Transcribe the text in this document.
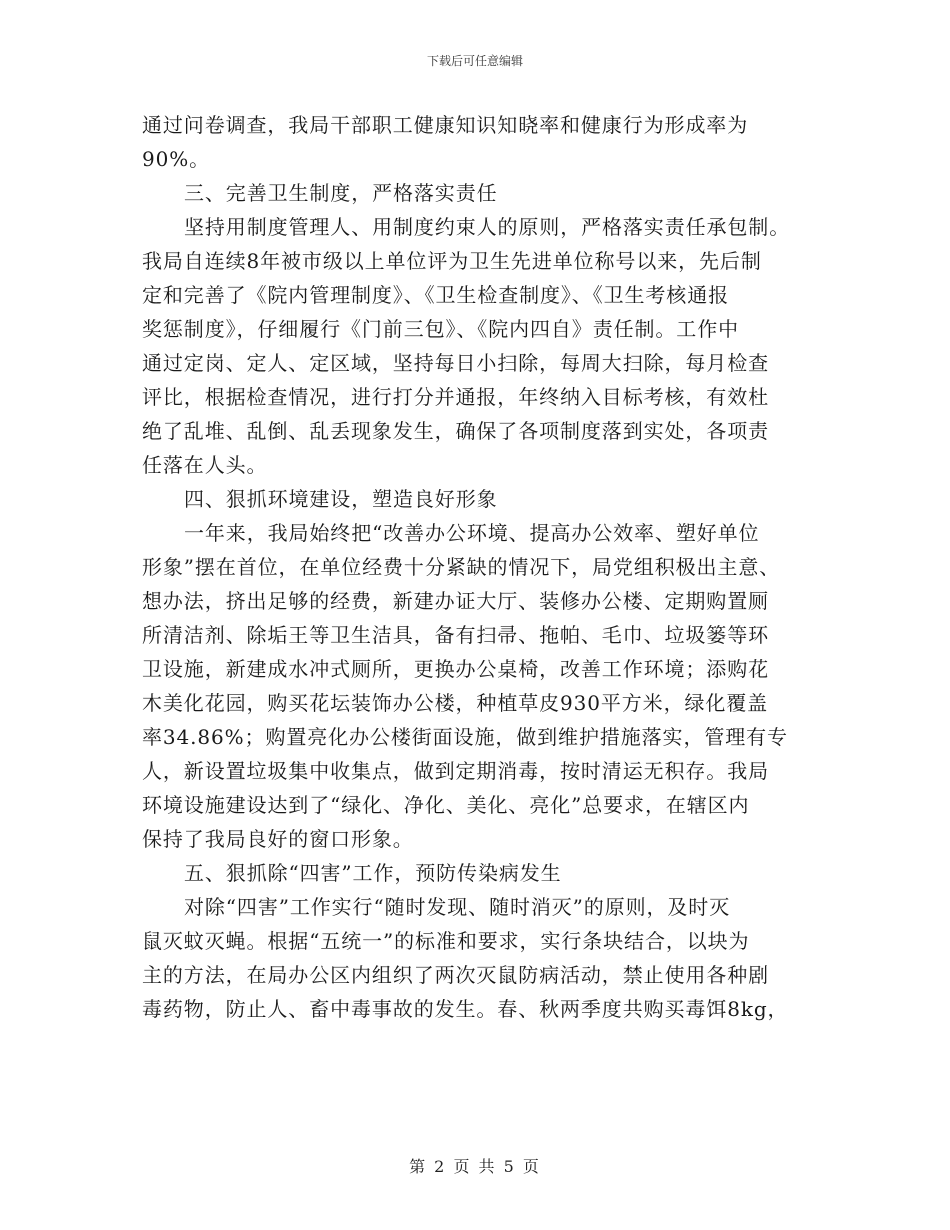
下载后可任意编辑
通过问卷调查，我局干部职工健康知识知晓率和健康行为形成率为
90%。
三、完善卫生制度，严格落实责任
坚持用制度管理人、用制度约束人的原则，严格落实责任承包制。
我局自连续8年被市级以上单位评为卫生先进单位称号以来，先后制
定和完善了《院内管理制度》、《卫生检查制度》、《卫生考核通报
奖惩制度》，仔细履行《门前三包》、《院内四自》责任制。工作中
通过定岗、定人、定区域，坚持每日小扫除，每周大扫除，每月检查
评比，根据检查情况，进行打分并通报，年终纳入目标考核，有效杜
绝了乱堆、乱倒、乱丢现象发生，确保了各项制度落到实处，各项责
任落在人头。
四、狠抓环境建设，塑造良好形象
一年来，我局始终把“改善办公环境、提高办公效率、塑好单位
形象”摆在首位，在单位经费十分紧缺的情况下，局党组积极出主意、
想办法，挤出足够的经费，新建办证大厅、装修办公楼、定期购置厕
所清洁剂、除垢王等卫生洁具，备有扫帚、拖帕、毛巾、垃圾篓等环
卫设施，新建成水冲式厕所，更换办公桌椅，改善工作环境；添购花
木美化花园，购买花坛装饰办公楼，种植草皮930平方米，绿化覆盖
率34.86%；购置亮化办公楼街面设施，做到维护措施落实，管理有专
人，新设置垃圾集中收集点，做到定期消毒，按时清运无积存。我局
环境设施建设达到了“绿化、净化、美化、亮化”总要求，在辖区内
保持了我局良好的窗口形象。
五、狠抓除“四害”工作，预防传染病发生
对除“四害”工作实行“随时发现、随时消灭”的原则，及时灭
鼠灭蚊灭蝇。根据“五统一”的标准和要求，实行条块结合，以块为
主的方法，在局办公区内组织了两次灭鼠防病活动，禁止使用各种剧
毒药物，防止人、畜中毒事故的发生。春、秋两季度共购买毒饵8kg，
第 2 页 共 5 页
